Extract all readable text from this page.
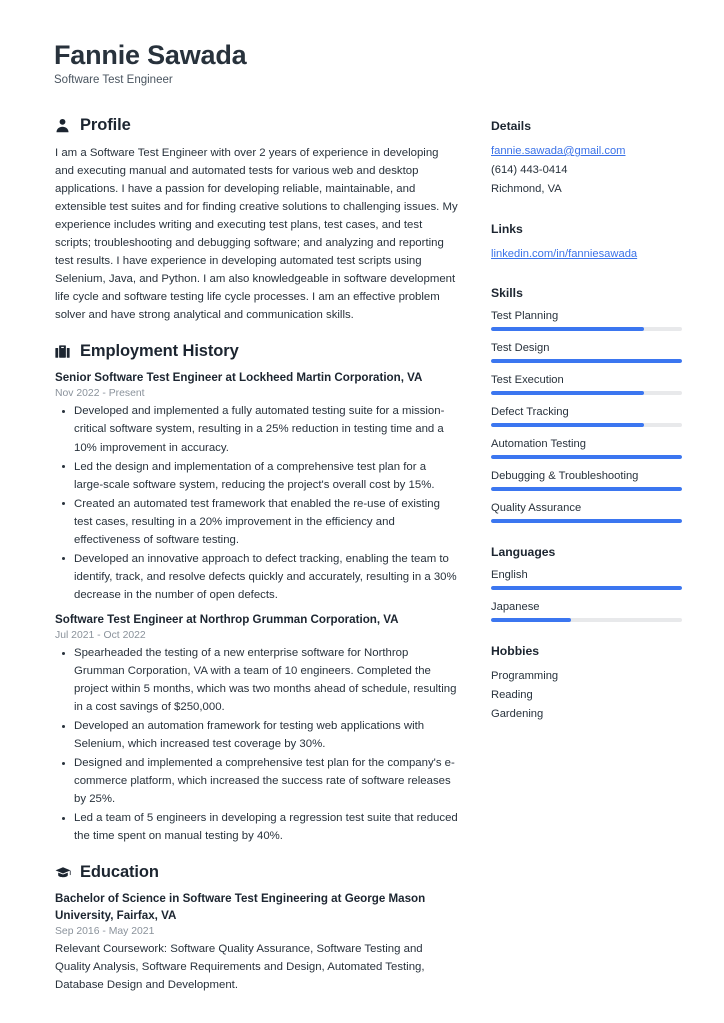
Fannie Sawada
Software Test Engineer
Profile

I am a Software Test Engineer with over 2 years of experience in developing and executing manual and automated tests for various web and desktop applications. I have a passion for developing reliable, maintainable, and extensible test suites and for finding creative solutions to challenging issues. My experience includes writing and executing test plans, test cases, and test scripts; troubleshooting and debugging software; and analyzing and reporting test results. I have experience in developing automated test scripts using Selenium, Java, and Python. I am also knowledgeable in software development life cycle and software testing life cycle processes. I am an effective problem solver and have strong analytical and communication skills.

Employment History
Senior Software Test Engineer at Lockheed Martin Corporation, VA
Nov 2022 - Present
Developed and implemented a fully automated testing suite for a mission-critical software system, resulting in a 25% reduction in testing time and a 10% improvement in accuracy.
Led the design and implementation of a comprehensive test plan for a large-scale software system, reducing the project's overall cost by 15%.
Created an automated test framework that enabled the re-use of existing test cases, resulting in a 20% improvement in the efficiency and effectiveness of software testing.
Developed an innovative approach to defect tracking, enabling the team to identify, track, and resolve defects quickly and accurately, resulting in a 30% decrease in the number of open defects.
Software Test Engineer at Northrop Grumman Corporation, VA
Jul 2021 - Oct 2022
Spearheaded the testing of a new enterprise software for Northrop Grumman Corporation, VA with a team of 10 engineers. Completed the project within 5 months, which was two months ahead of schedule, resulting in a cost savings of $250,000.
Developed an automation framework for testing web applications with Selenium, which increased test coverage by 30%.
Designed and implemented a comprehensive test plan for the company's e-commerce platform, which increased the success rate of software releases by 25%.
Led a team of 5 engineers in developing a regression test suite that reduced the time spent on manual testing by 40%.
Education
Bachelor of Science in Software Test Engineering at George Mason University, Fairfax, VA
Sep 2016 - May 2021
Relevant Coursework: Software Quality Assurance, Software Testing and Quality Analysis, Software Requirements and Design, Automated Testing, Database Design and Development.
Details
fannie.sawada@gmail.com
(614) 443-0414
Richmond, VA
Links
linkedin.com/in/fanniesawada
Skills
Test Planning
Test Design
Test Execution
Defect Tracking
Automation Testing
Debugging & Troubleshooting
Quality Assurance
Languages
English
Japanese
Hobbies
Programming
Reading
Gardening
